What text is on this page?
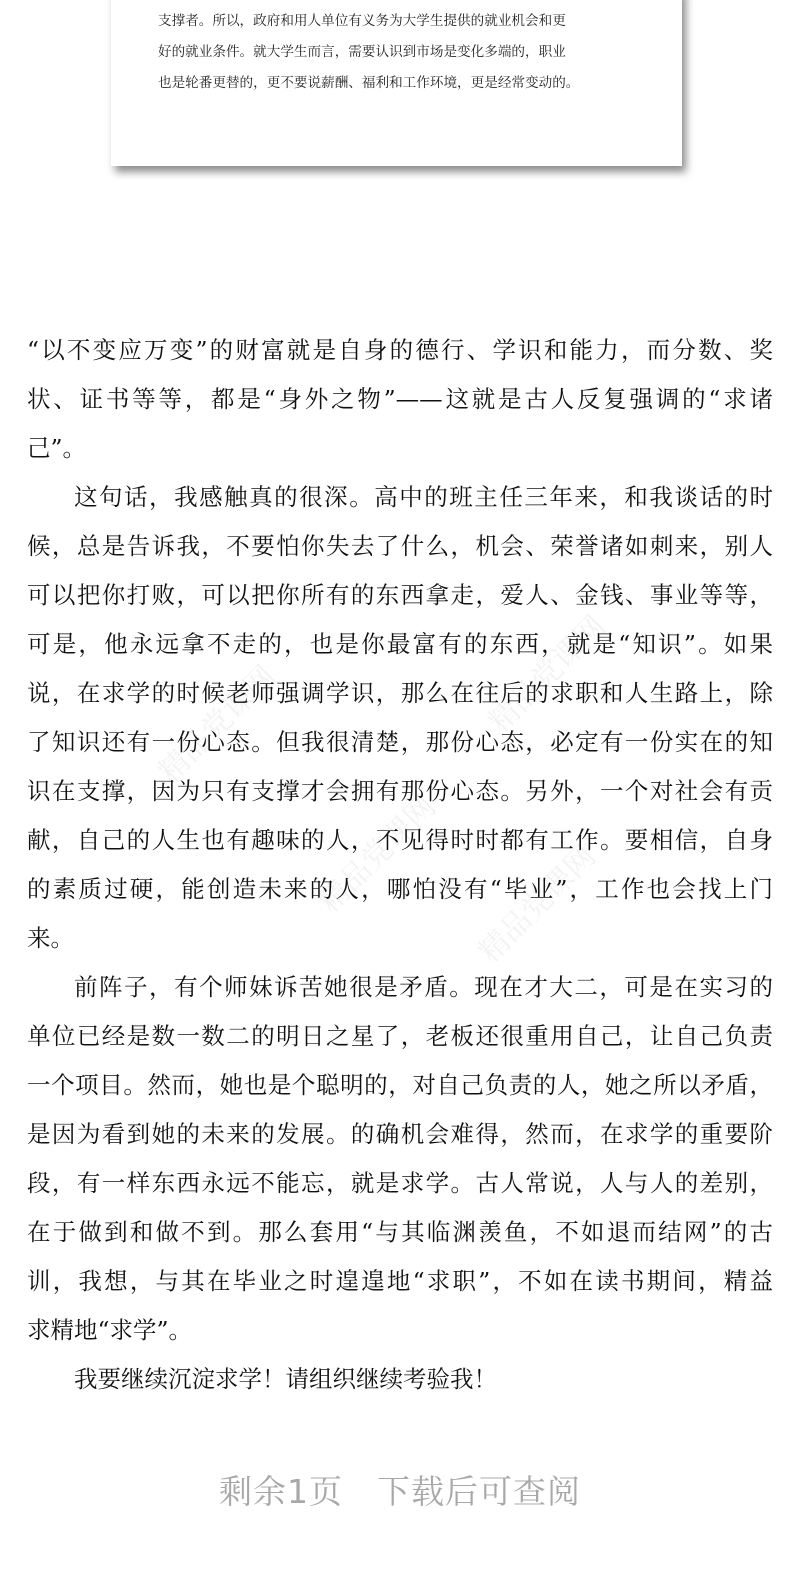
支撑者。所以，政府和用人单位有义务为大学生提供的就业机会和更
好的就业条件。就大学生而言，需要认识到市场是变化多端的，职业
也是轮番更替的，更不要说薪酬、福利和工作环境，更是经常变动的。
精品党课网	精品党课网
精品党课网 精品党课网
“以不变应万变”的财富就是自身的德行、学识和能力，而分数、奖
状、证书等等，都是“身外之物”——这就是古人反复强调的“求诸
己”。
这句话，我感触真的很深。高中的班主任三年来，和我谈话的时
候，总是告诉我，不要怕你失去了什么，机会、荣誉诸如刺来，别人
可以把你打败，可以把你所有的东西拿走，爱人、金钱、事业等等，
可是，他永远拿不走的，也是你最富有的东西，就是“知识”。如果
说，在求学的时候老师强调学识，那么在往后的求职和人生路上，除
了知识还有一份心态。但我很清楚，那份心态，必定有一份实在的知
识在支撑，因为只有支撑才会拥有那份心态。另外，一个对社会有贡
献，自己的人生也有趣味的人，不见得时时都有工作。要相信，自身
的素质过硬，能创造未来的人，哪怕没有“毕业”，工作也会找上门
来。
前阵子，有个师妹诉苦她很是矛盾。现在才大二，可是在实习的
单位已经是数一数二的明日之星了，老板还很重用自己，让自己负责
一个项目。然而，她也是个聪明的，对自己负责的人，她之所以矛盾，
是因为看到她的未来的发展。的确机会难得，然而，在求学的重要阶
段，有一样东西永远不能忘，就是求学。古人常说，人与人的差别，
在于做到和做不到。那么套用“与其临渊羡鱼，不如退而结网”的古
训，我想，与其在毕业之时遑遑地“求职”，不如在读书期间，精益
求精地“求学”。
我要继续沉淀求学！请组织继续考验我！
剩余1页 下载后可查阅
